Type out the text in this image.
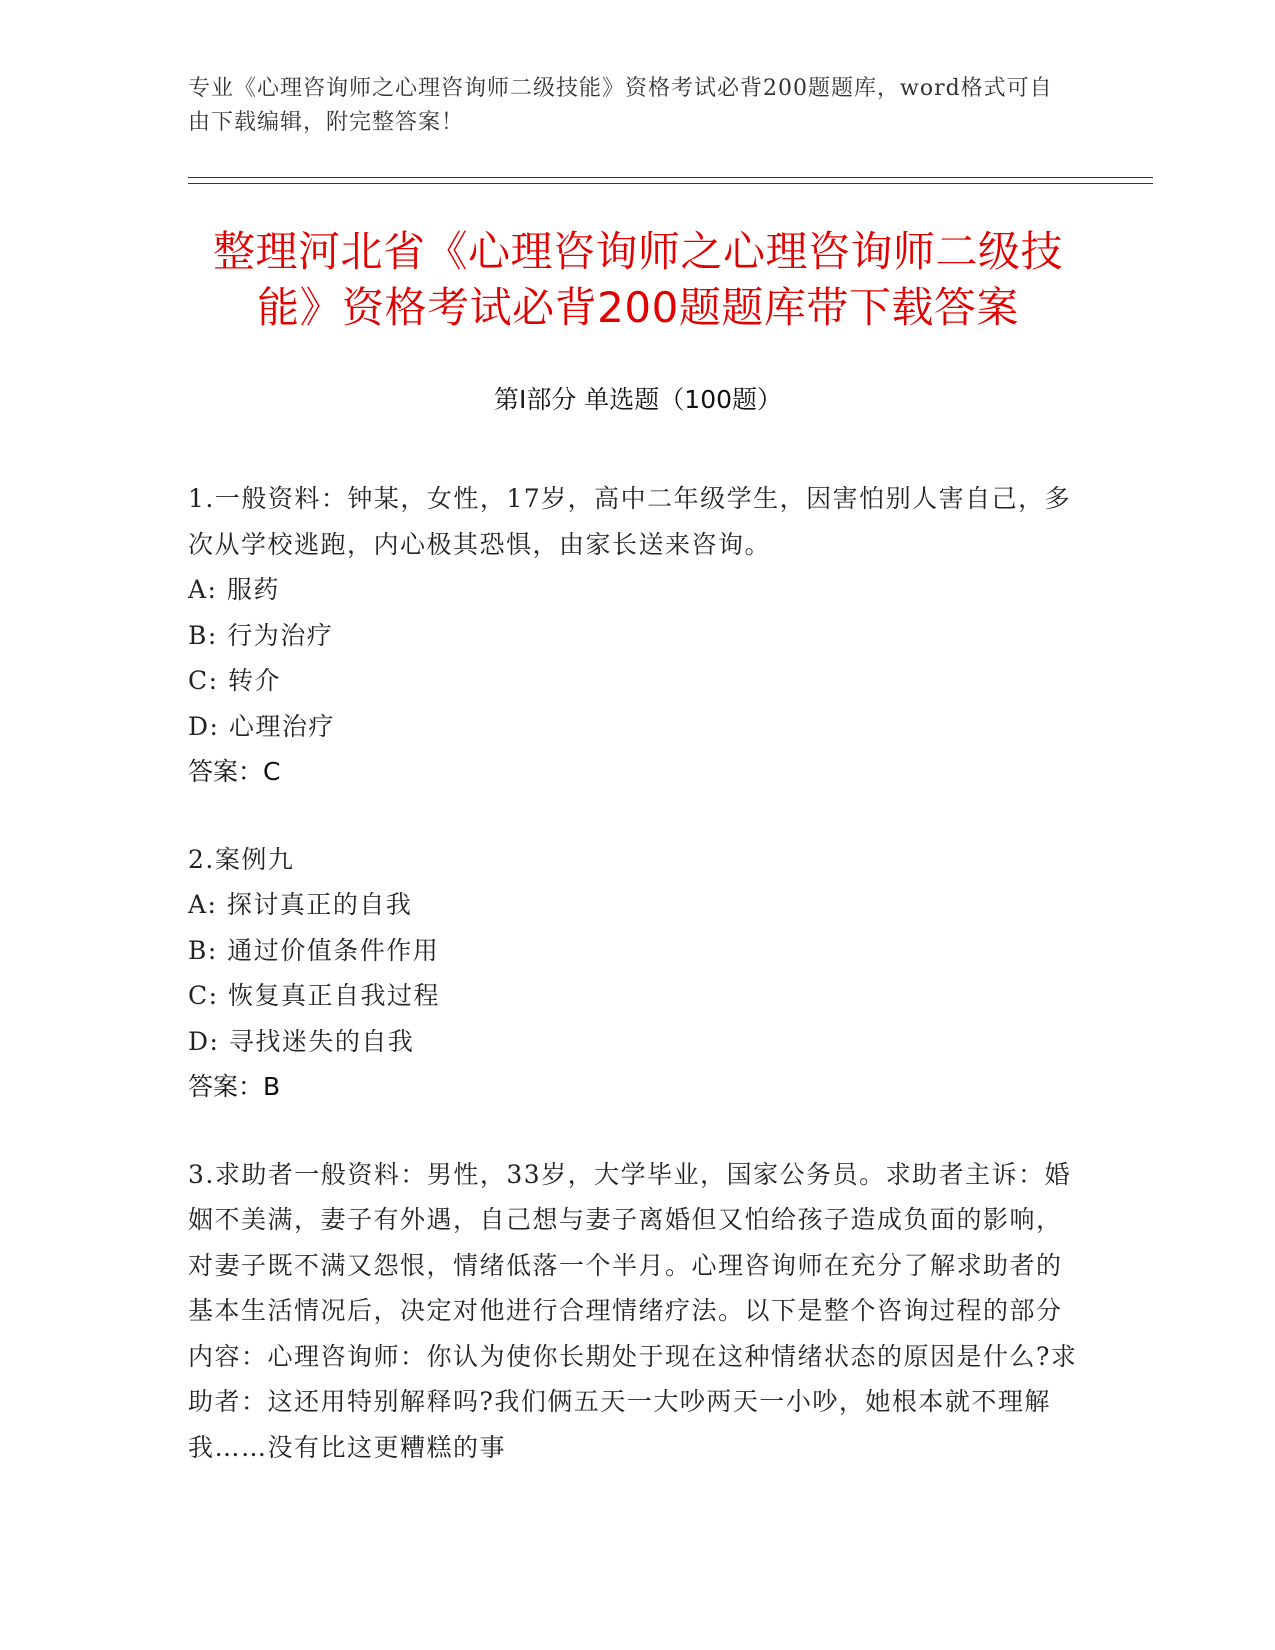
专业《心理咨询师之心理咨询师二级技能》资格考试必背200题题库，word格式可自由下载编辑，附完整答案！
整理河北省《心理咨询师之心理咨询师二级技能》资格考试必背200题题库带下载答案
第Ⅰ部分 单选题（100题）

1.一般资料：钟某，女性，17岁，高中二年级学生，因害怕别人害自己，多次从学校逃跑，内心极其恐惧，由家长送来咨询。

A: 服药

B: 行为治疗

C: 转介

D: 心理治疗

答案：C

2.案例九

A: 探讨真正的自我

B: 通过价值条件作用

C: 恢复真正自我过程

D: 寻找迷失的自我

答案：B

3.求助者一般资料：男性，33岁，大学毕业，国家公务员。求助者主诉：婚姻不美满，妻子有外遇，自己想与妻子离婚但又怕给孩子造成负面的影响，对妻子既不满又怨恨，情绪低落一个半月。心理咨询师在充分了解求助者的基本生活情况后，决定对他进行合理情绪疗法。以下是整个咨询过程的部分内容：心理咨询师：你认为使你长期处于现在这种情绪状态的原因是什么?求助者：这还用特别解释吗?我们俩五天一大吵两天一小吵，她根本就不理解我……没有比这更糟糕的事
